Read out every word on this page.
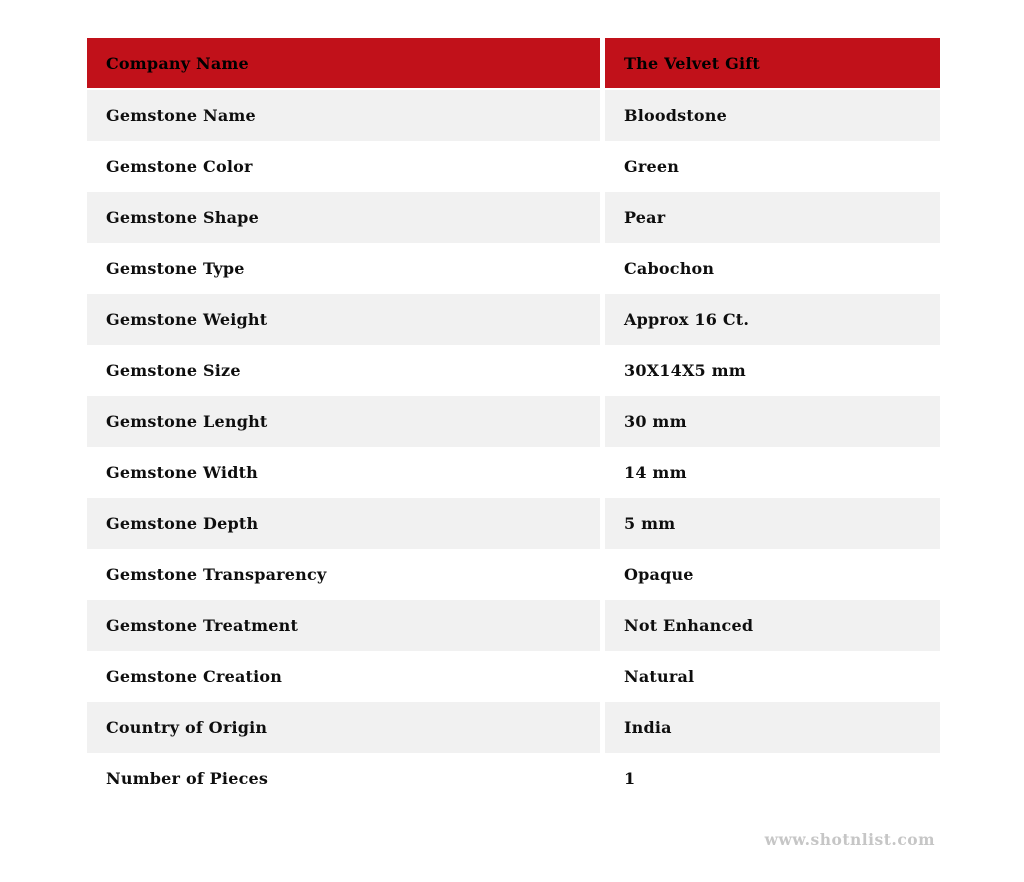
Company Name	The Velvet Gift
Gemstone Name	Bloodstone
Gemstone Color	Green
Gemstone Shape	Pear
Gemstone Type	Cabochon
Gemstone Weight	Approx 16 Ct.
Gemstone Size	30X14X5 mm
Gemstone Lenght	30 mm
Gemstone Width	14 mm
Gemstone Depth	5 mm
Gemstone Transparency	Opaque
Gemstone Treatment	Not Enhanced
Gemstone Creation	Natural
Country of Origin	India
Number of Pieces	1
www.shotnlist.com
